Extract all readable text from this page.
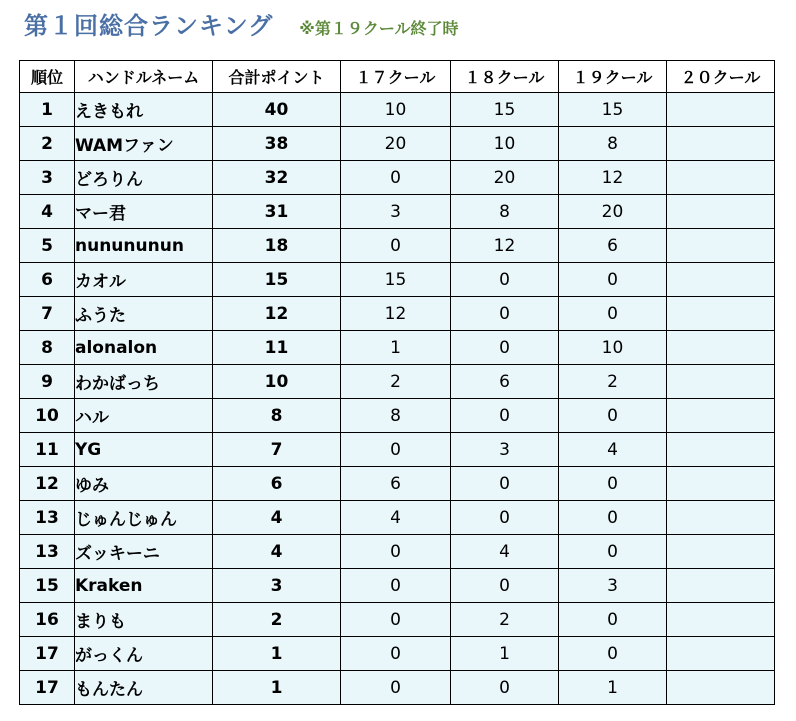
第１回総合ランキング ※第１９クール終了時
順位	ハンドルネーム	合計ポイント	１７クール	１８クール	１９クール	２０クール
1	えきもれ	40	10	15	15	
2	WAMファン	38	20	10	8	
3	どろりん	32	0	20	12	
4	マー君	31	3	8	20	
5	nunununun	18	0	12	6	
6	カオル	15	15	0	0	
7	ふうた	12	12	0	0	
8	alonalon	11	1	0	10	
9	わかばっち	10	2	6	2	
10	ハル	8	8	0	0	
11	YG	7	0	3	4	
12	ゆみ	6	6	0	0	
13	じゅんじゅん	4	4	0	0	
13	ズッキーニ	4	0	4	0	
15	Kraken	3	0	0	3	
16	まりも	2	0	2	0	
17	がっくん	1	0	1	0	
17	もんたん	1	0	0	1	
